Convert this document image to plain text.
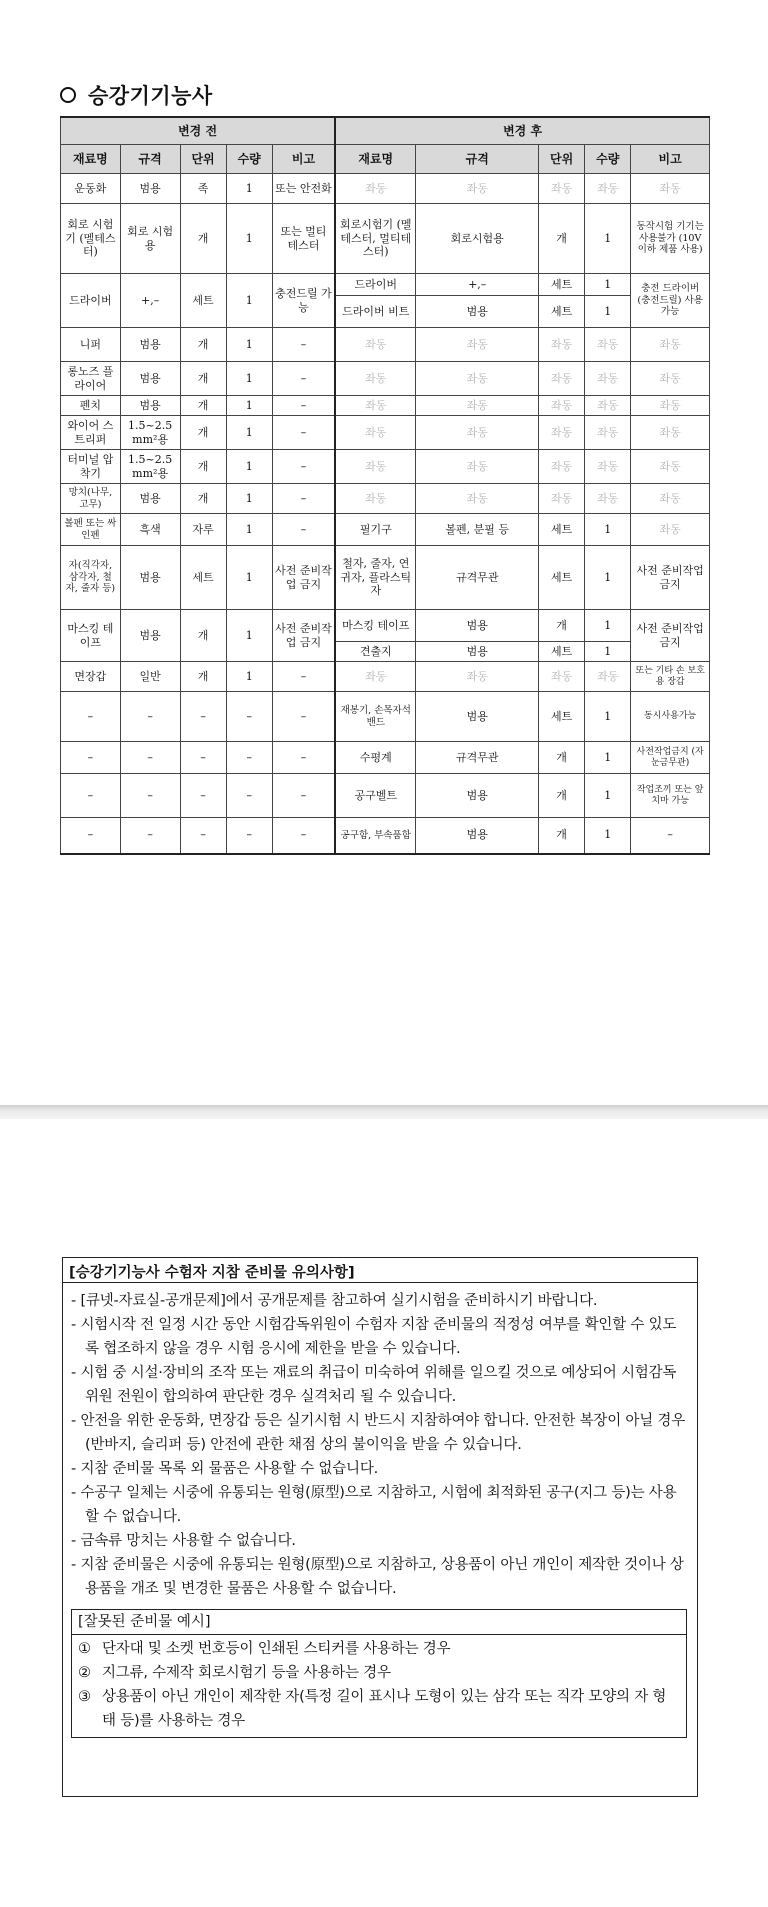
승강기기능사
변경 전					변경 후				
재료명	규격	단위	수량	비고	재료명	규격	단위	수량	비고
운동화	범용	족	1	또는 안전화	좌동	좌동	좌동	좌동	좌동
회로 시험기 (멜테스터)	회로 시험용	개	1	또는 멀티 테스터	회로시험기 (멜테스터, 멀티테스터)	회로시험용	개	1	동작시험 기기는 사용불가 (10V 이하 제품 사용)
드라이버	+,–	세트	1	충전드릴 가능	드라이버	+,–	세트	1	충전 드라이버 (충전드릴) 사용가능
					드라이버 비트	범용	세트	1	
니퍼	범용	개	1	–	좌동	좌동	좌동	좌동	좌동
롱노즈 플라이어	범용	개	1	–	좌동	좌동	좌동	좌동	좌동
펜치	범용	개	1	–	좌동	좌동	좌동	좌동	좌동
와이어 스트리퍼	1.5~2.5 mm²용	개	1	–	좌동	좌동	좌동	좌동	좌동
터미널 압착기	1.5~2.5 mm²용	개	1	–	좌동	좌동	좌동	좌동	좌동
망치(나무, 고무)	범용	개	1	–	좌동	좌동	좌동	좌동	좌동
볼펜 또는 싸인펜	흑색	자루	1	–	필기구	볼펜, 분필 등	세트	1	좌동
자(직각자, 삼각자, 철자, 줄자 등)	범용	세트	1	사전 준비작업 금지	철자, 줄자, 연귀자, 플라스틱자	규격무관	세트	1	사전 준비작업 금지
마스킹 테이프	범용	개	1	사전 준비작업 금지	마스킹 테이프	범용	개	1	사전 준비작업 금지
					견출지	범용	세트	1	
면장갑	일반	개	1	–	좌동	좌동	좌동	좌동	또는 기타 손 보호용 장갑
–	–	–	–	–	재봉기, 손목자석밴드	범용	세트	1	동시사용가능
–	–	–	–	–	수평계	규격무관	개	1	사전작업금지 (자눈금무관)
–	–	–	–	–	공구벨트	범용	개	1	작업조끼 또는 앞치마 가능
–	–	–	–	–	공구함, 부속품함	범용	개	1	–
[승강기기능사 수험자 지참 준비물 유의사항]
- [큐넷-자료실-공개문제]에서 공개문제를 참고하여 실기시험을 준비하시기 바랍니다.
- 시험시작 전 일정 시간 동안 시험감독위원이 수험자 지참 준비물의 적정성 여부를 확인할 수 있도록 협조하지 않을 경우 시험 응시에 제한을 받을 수 있습니다.
- 시험 중 시설·장비의 조작 또는 재료의 취급이 미숙하여 위해를 일으킬 것으로 예상되어 시험감독위원 전원이 합의하여 판단한 경우 실격처리 될 수 있습니다.
- 안전을 위한 운동화, 면장갑 등은 실기시험 시 반드시 지참하여야 합니다. 안전한 복장이 아닐 경우(반바지, 슬리퍼 등) 안전에 관한 채점 상의 불이익을 받을 수 있습니다.
- 지참 준비물 목록 외 물품은 사용할 수 없습니다.
- 수공구 일체는 시중에 유통되는 원형(原型)으로 지참하고, 시험에 최적화된 공구(지그 등)는 사용할 수 없습니다.
- 금속류 망치는 사용할 수 없습니다.
- 지참 준비물은 시중에 유통되는 원형(原型)으로 지참하고, 상용품이 아닌 개인이 제작한 것이나 상용품을 개조 및 변경한 물품은 사용할 수 없습니다.
[잘못된 준비물 예시]
① 단자대 및 소켓 번호등이 인쇄된 스티커를 사용하는 경우
② 지그류, 수제작 회로시험기 등을 사용하는 경우
③ 상용품이 아닌 개인이 제작한 자(특정 길이 표시나 도형이 있는 삼각 또는 직각 모양의 자 형태 등)를 사용하는 경우
